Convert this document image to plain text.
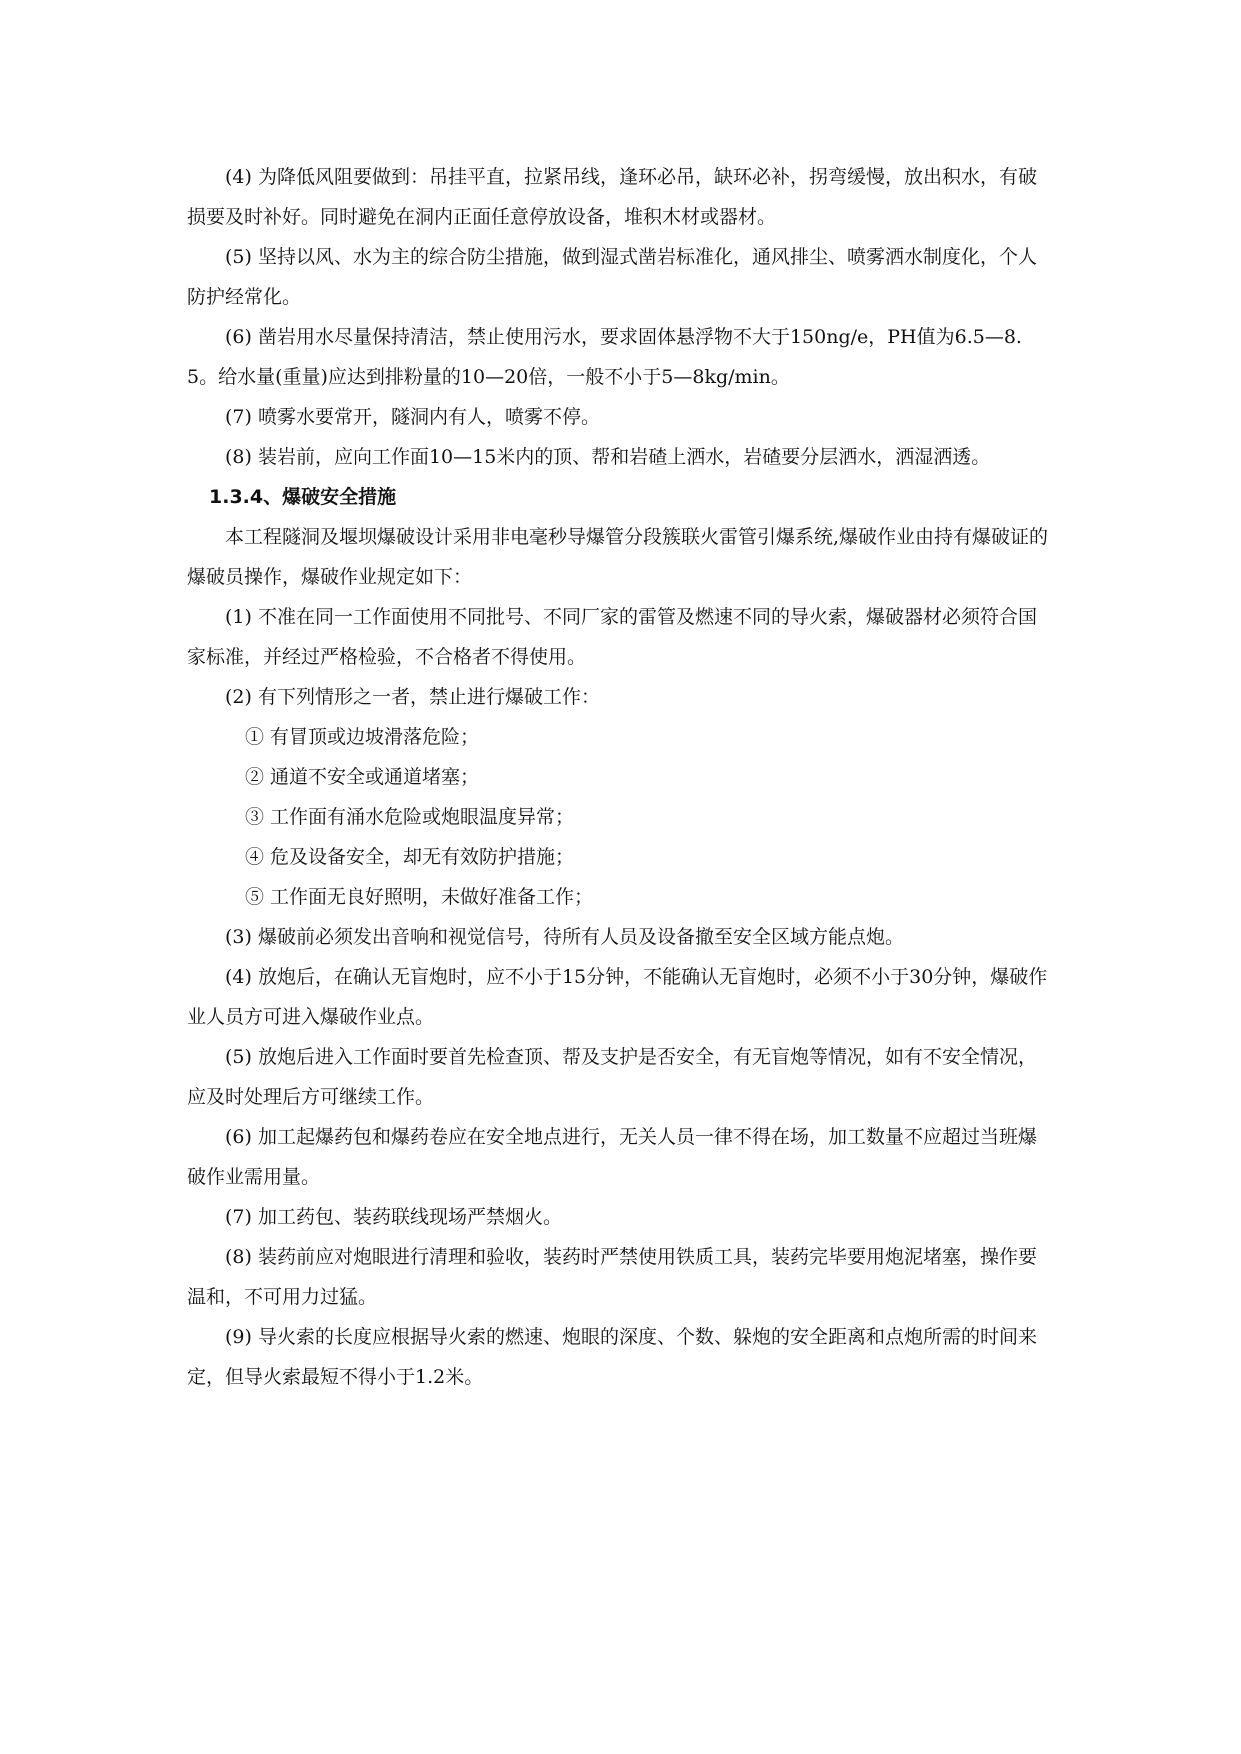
(4) 为降低风阻要做到：吊挂平直，拉紧吊线，逢环必吊，缺环必补，拐弯缓慢，放出积水，有破损要及时补好。同时避免在洞内正面任意停放设备，堆积木材或器材。

(5) 坚持以风、水为主的综合防尘措施，做到湿式凿岩标准化，通风排尘、喷雾洒水制度化，个人防护经常化。

(6) 凿岩用水尽量保持清洁，禁止使用污水，要求固体悬浮物不大于150ng/e，PH值为6.5—8.5。给水量(重量)应达到排粉量的10—20倍，一般不小于5—8kg/min。

(7) 喷雾水要常开，隧洞内有人，喷雾不停。

(8) 装岩前，应向工作面10—15米内的顶、帮和岩碴上洒水，岩碴要分层洒水，洒湿洒透。

1.3.4、爆破安全措施

本工程隧洞及堰坝爆破设计采用非电毫秒导爆管分段簇联火雷管引爆系统,爆破作业由持有爆破证的爆破员操作，爆破作业规定如下：

(1) 不准在同一工作面使用不同批号、不同厂家的雷管及燃速不同的导火索，爆破器材必须符合国家标准，并经过严格检验，不合格者不得使用。

(2) 有下列情形之一者，禁止进行爆破工作：

① 有冒顶或边坡滑落危险；

② 通道不安全或通道堵塞；

③ 工作面有涌水危险或炮眼温度异常；

④ 危及设备安全，却无有效防护措施；

⑤ 工作面无良好照明，未做好准备工作；

(3) 爆破前必须发出音响和视觉信号，待所有人员及设备撤至安全区域方能点炮。

(4) 放炮后，在确认无盲炮时，应不小于15分钟，不能确认无盲炮时，必须不小于30分钟，爆破作业人员方可进入爆破作业点。

(5) 放炮后进入工作面时要首先检查顶、帮及支护是否安全，有无盲炮等情况，如有不安全情况，应及时处理后方可继续工作。

(6) 加工起爆药包和爆药卷应在安全地点进行，无关人员一律不得在场，加工数量不应超过当班爆破作业需用量。

(7) 加工药包、装药联线现场严禁烟火。

(8) 装药前应对炮眼进行清理和验收，装药时严禁使用铁质工具，装药完毕要用炮泥堵塞，操作要温和，不可用力过猛。

(9) 导火索的长度应根据导火索的燃速、炮眼的深度、个数、躲炮的安全距离和点炮所需的时间来定，但导火索最短不得小于1.2米。
